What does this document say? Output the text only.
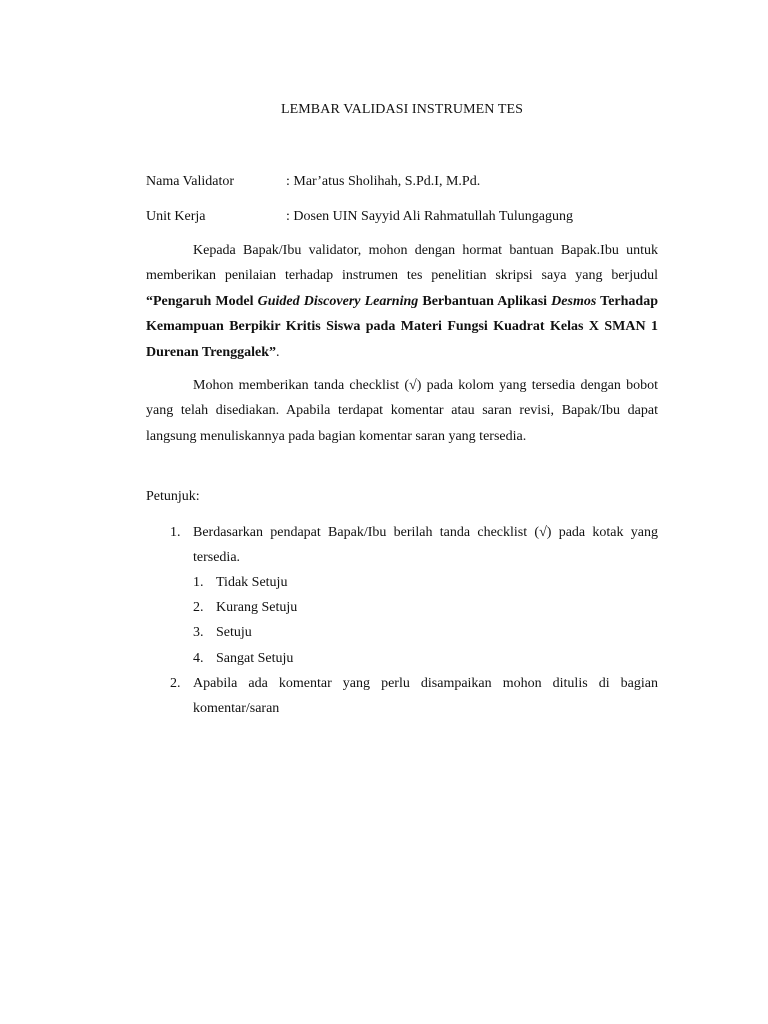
LEMBAR VALIDASI INSTRUMEN TES
Nama Validator	: Mar’atus Sholihah, S.Pd.I, M.Pd.
Unit Kerja	: Dosen UIN Sayyid Ali Rahmatullah Tulungagung

Kepada Bapak/Ibu validator, mohon dengan hormat bantuan Bapak.Ibu untuk memberikan penilaian terhadap instrumen tes penelitian skripsi saya yang berjudul “Pengaruh Model Guided Discovery Learning Berbantuan Aplikasi Desmos Terhadap Kemampuan Berpikir Kritis Siswa pada Materi Fungsi Kuadrat Kelas X SMAN 1 Durenan Trenggalek”.

Mohon memberikan tanda checklist (√) pada kolom yang tersedia dengan bobot yang telah disediakan. Apabila terdapat komentar atau saran revisi, Bapak/Ibu dapat langsung menuliskannya pada bagian komentar saran yang tersedia.

Petunjuk:

1. Berdasarkan pendapat Bapak/Ibu berilah tanda checklist (√) pada kotak yang tersedia.
1. Tidak Setuju
2. Kurang Setuju
3. Setuju
4. Sangat Setuju
2. Apabila ada komentar yang perlu disampaikan mohon ditulis di bagian komentar/saran
